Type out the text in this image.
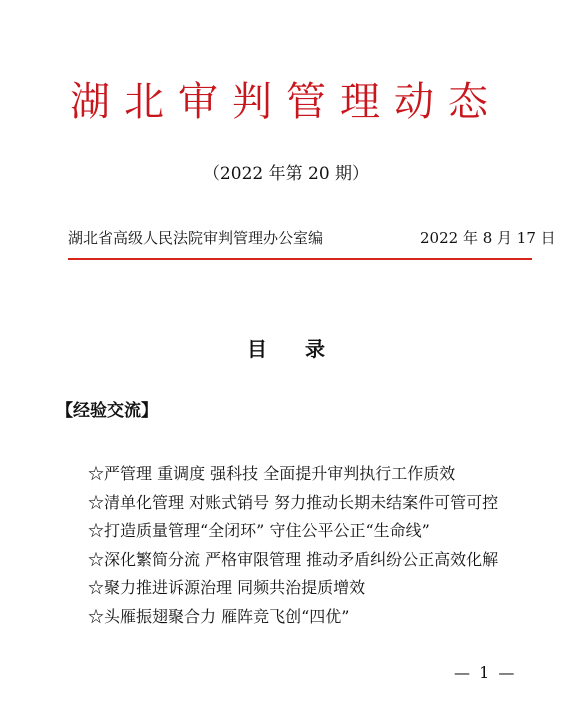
湖北审判管理动态
（2022 年第 20 期）
湖北省高级人民法院审判管理办公室编	2022 年 8 月 17 日
目录
【经验交流】
☆严管理 重调度 强科技 全面提升审判执行工作质效
☆清单化管理 对账式销号 努力推动长期未结案件可管可控
☆打造质量管理“全闭环” 守住公平公正“生命线”
☆深化繁简分流 严格审限管理 推动矛盾纠纷公正高效化解
☆聚力推进诉源治理 同频共治提质增效
☆头雁振翅聚合力 雁阵竞飞创“四优”
— 1 —
